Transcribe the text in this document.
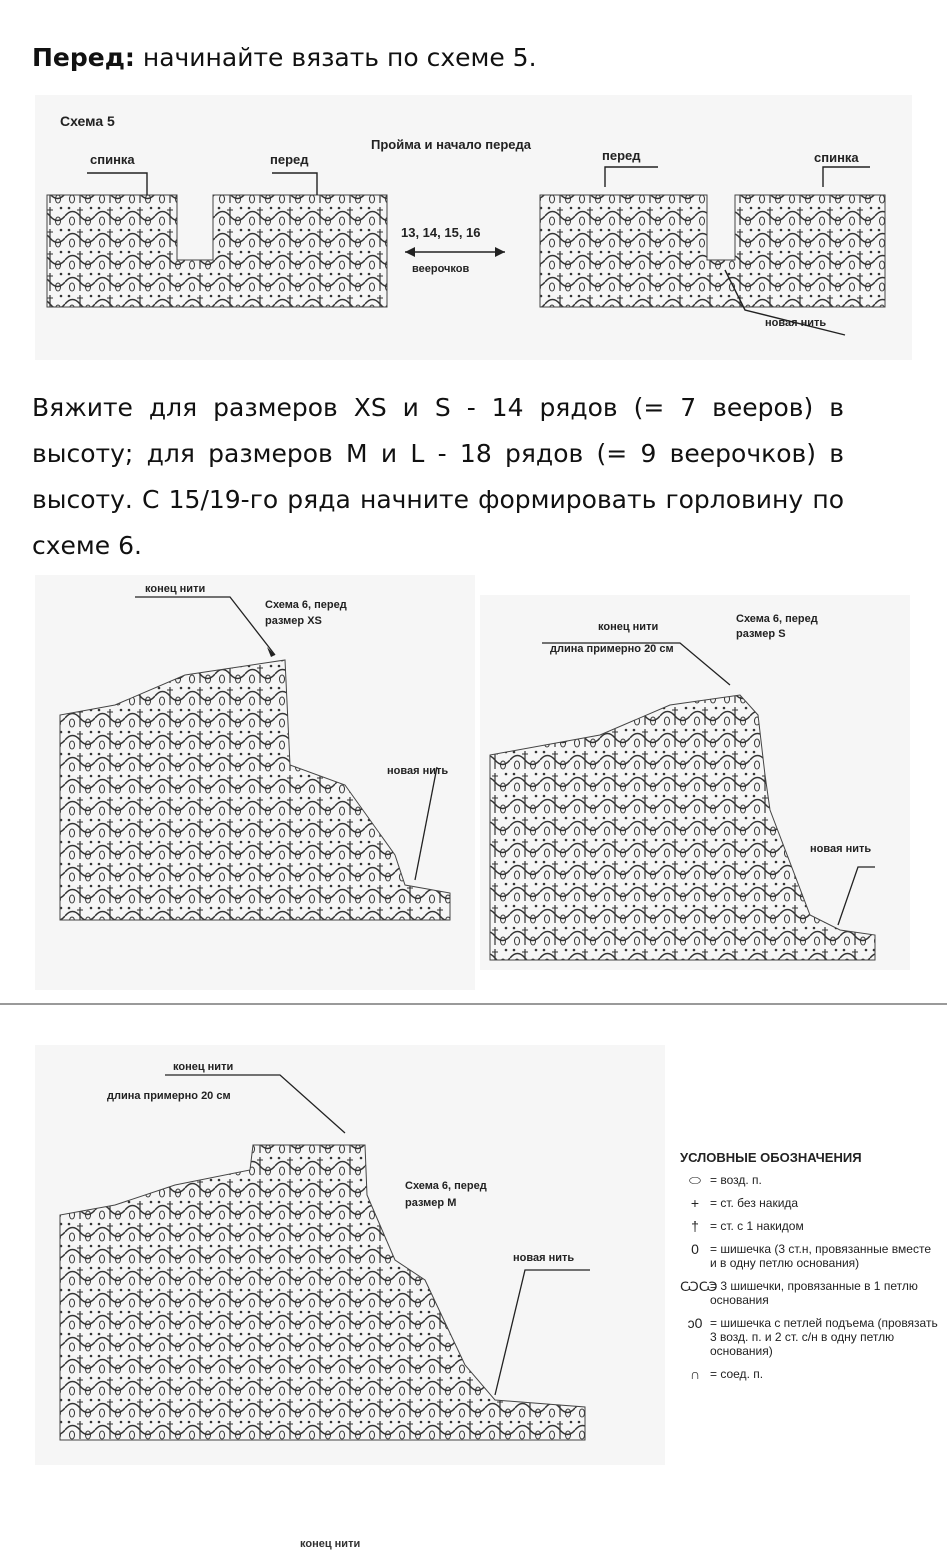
Перед: начинайте вязать по схеме 5.
Схема 5
Пройма и начало переда
спинка	перед	перед	спинка
13, 14, 15, 16
веерочков
новая нить
Вяжите для размеров XS и S - 14 рядов (= 7 вееров) в высоту; для размеров M и L - 18 рядов (= 9 веерочков) в высоту. С 15/19-го ряда начните формировать горловину по схеме 6.
конец нити
Схема 6, перед
размер XS
новая нить
конец нити
длина примерно 20 см
Схема 6, перед
размер S
новая нить
конец нити
длина примерно 20 см
Схема 6, перед
размер M
новая нить
УСЛОВНЫЕ ОБОЗНАЧЕНИЯ
⬭ = возд. п.
+ = ст. без накида
† = ст. с 1 накидом
0 = шишечка (3 ст.н, провязанные вместе и в одну петлю основания)
ѠѠ
= 3 шишечки, провязанные в 1 петлю основания
ↄ0 = шишечка с петлей подъема (провязать 3 возд. п. и 2 ст. с/н в одну петлю основания)
∩ = соед. п.
конец нити
